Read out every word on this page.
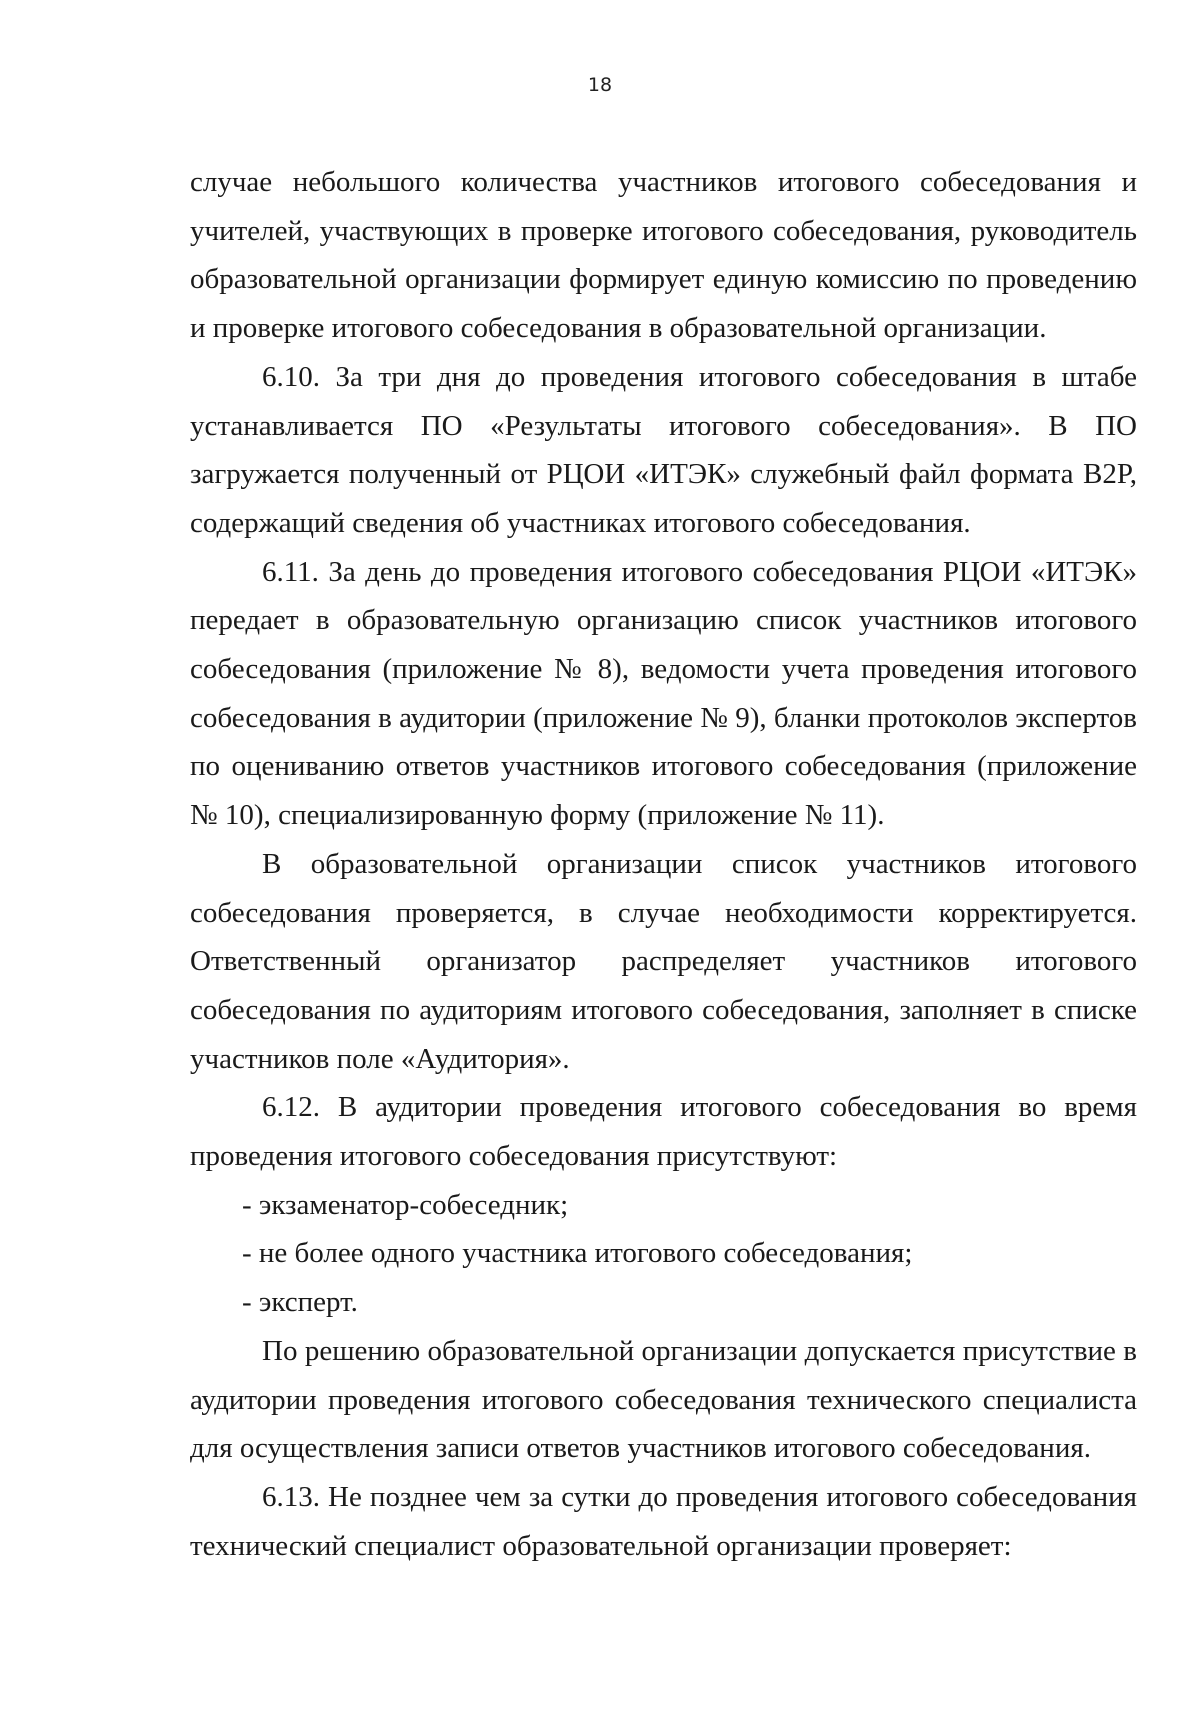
18

случае небольшого количества участников итогового собеседования и учителей, участвующих в проверке итогового собеседования, руководитель образовательной организации формирует единую комиссию по проведению и проверке итогового собеседования в образовательной организации.

6.10. За три дня до проведения итогового собеседования в штабе устанавливается ПО «Результаты итогового собеседования». В ПО загружается полученный от РЦОИ «ИТЭК» служебный файл формата B2P, содержащий сведения об участниках итогового собеседования.

6.11. За день до проведения итогового собеседования РЦОИ «ИТЭК» передает в образовательную организацию список участников итогового собеседования (приложение № 8), ведомости учета проведения итогового собеседования в аудитории (приложение № 9), бланки протоколов экспертов по оцениванию ответов участников итогового собеседования (приложение № 10), специализированную форму (приложение № 11).

В образовательной организации список участников итогового собеседования проверяется, в случае необходимости корректируется. Ответственный организатор распределяет участников итогового собеседования по аудиториям итогового собеседования, заполняет в списке участников поле «Аудитория».

6.12. В аудитории проведения итогового собеседования во время проведения итогового собеседования присутствуют:

- экзаменатор-собеседник;

- не более одного участника итогового собеседования;

- эксперт.

По решению образовательной организации допускается присутствие в аудитории проведения итогового собеседования технического специалиста для осуществления записи ответов участников итогового собеседования.

6.13. Не позднее чем за сутки до проведения итогового собеседования технический специалист образовательной организации проверяет:
